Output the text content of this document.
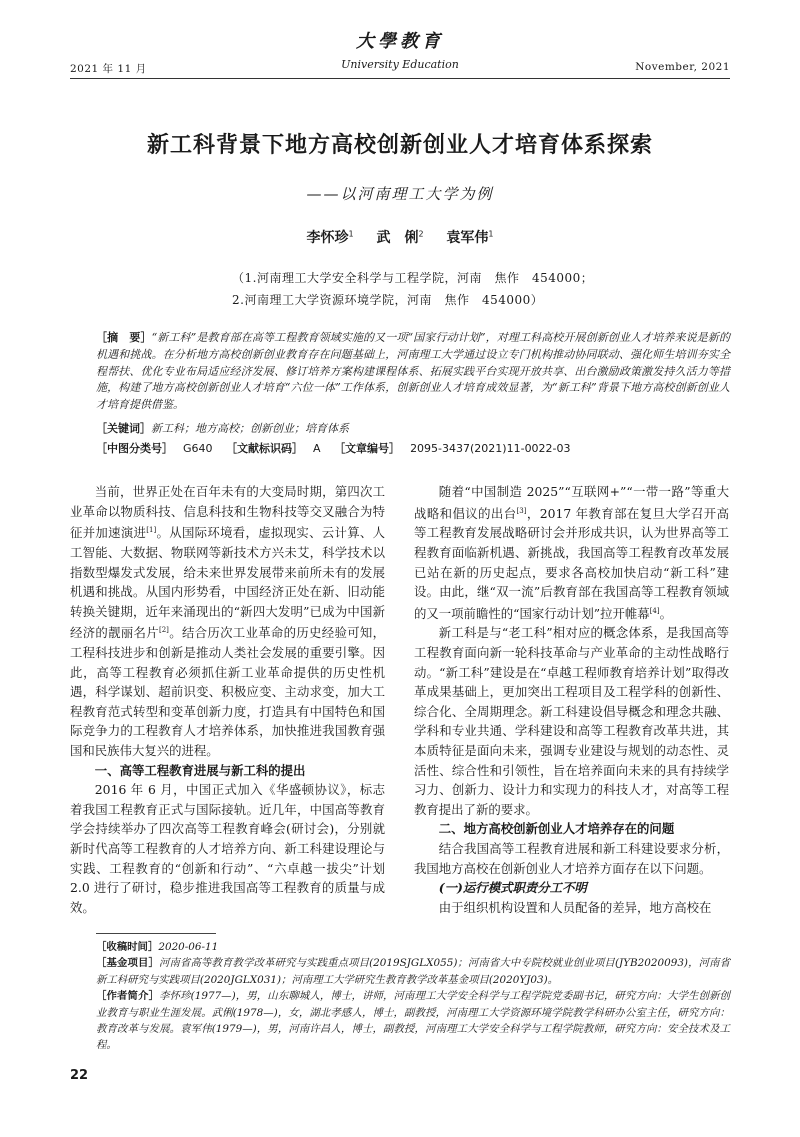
2021 年 11 月
大學教育
University Education	November, 2021
新工科背景下地方高校创新创业人才培育体系探索
——以河南理工大学为例
李怀珍$^1$ 武　俐$^2$ 袁军伟$^1$
（1.河南理工大学安全科学与工程学院，河南　焦作　454000；
2.河南理工大学资源环境学院，河南　焦作　454000）
［摘　要］“新工科”是教育部在高等工程教育领域实施的又一项“国家行动计划”，对理工科高校开展创新创业人才培养来说是新的机遇和挑战。在分析地方高校创新创业教育存在问题基础上，河南理工大学通过设立专门机构推动协同联动、强化师生培训夯实全程帮扶、优化专业布局适应经济发展、修订培养方案构建课程体系、拓展实践平台实现开放共享、出台激励政策激发持久活力等措施，构建了地方高校创新创业人才培育“六位一体”工作体系，创新创业人才培育成效显著，为“新工科”背景下地方高校创新创业人才培育提供借鉴。
［关键词］新工科；地方高校；创新创业；培育体系
［中图分类号］ G640 ［文献标识码］ A ［文章编号］ 2095-3437(2021)11-0022-03

当前，世界正处在百年未有的大变局时期，第四次工业革命以物质科技、信息科技和生物科技等交叉融合为特征并加速演进[1]。从国际环境看，虚拟现实、云计算、人工智能、大数据、物联网等新技术方兴未艾，科学技术以指数型爆发式发展，给未来世界发展带来前所未有的发展机遇和挑战。从国内形势看，中国经济正处在新、旧动能转换关键期，近年来涌现出的“新四大发明”已成为中国新经济的靓丽名片[2]。结合历次工业革命的历史经验可知，工程科技进步和创新是推动人类社会发展的重要引擎。因此，高等工程教育必须抓住新工业革命提供的历史性机遇，科学谋划、超前识变、积极应变、主动求变，加大工程教育范式转型和变革创新力度，打造具有中国特色和国际竞争力的工程教育人才培养体系，加快推进我国教育强国和民族伟大复兴的进程。

一、高等工程教育进展与新工科的提出

2016 年 6 月，中国正式加入《华盛顿协议》，标志着我国工程教育正式与国际接轨。近几年，中国高等教育学会持续举办了四次高等工程教育峰会(研讨会)，分别就新时代高等工程教育的人才培养方向、新工科建设理论与实践、工程教育的“创新和行动”、“六卓越一拔尖”计划 2.0 进行了研讨，稳步推进我国高等工程教育的质量与成效。

随着“中国制造 2025”“互联网+”“一带一路”等重大战略和倡议的出台[3]，2017 年教育部在复旦大学召开高等工程教育发展战略研讨会并形成共识，认为世界高等工程教育面临新机遇、新挑战，我国高等工程教育改革发展已站在新的历史起点，要求各高校加快启动“新工科”建设。由此，继“双一流”后教育部在我国高等工程教育领域的又一项前瞻性的“国家行动计划”拉开帷幕[4]。

新工科是与“老工科”相对应的概念体系，是我国高等工程教育面向新一轮科技革命与产业革命的主动性战略行动。“新工科”建设是在“卓越工程师教育培养计划”取得改革成果基础上，更加突出工程项目及工程学科的创新性、综合化、全周期理念。新工科建设倡导概念和理念共融、学科和专业共通、学科建设和高等工程教育改革共进，其本质特征是面向未来，强调专业建设与规划的动态性、灵活性、综合性和引领性，旨在培养面向未来的具有持续学习力、创新力、设计力和实现力的科技人才，对高等工程教育提出了新的要求。

二、地方高校创新创业人才培养存在的问题

结合我国高等工程教育进展和新工科建设要求分析，我国地方高校在创新创业人才培养方面存在以下问题。

(一)运行模式职责分工不明

由于组织机构设置和人员配备的差异，地方高校在

［收稿时间］2020-06-11

［基金项目］河南省高等教育教学改革研究与实践重点项目(2019SJGLX055)；河南省大中专院校就业创业项目(JYB2020093)，河南省新工科研究与实践项目(2020JGLX031)；河南理工大学研究生教育教学改革基金项目(2020YJ03)。

［作者简介］李怀珍(1977—)，男，山东聊城人，博士，讲师，河南理工大学安全科学与工程学院党委副书记，研究方向：大学生创新创业教育与职业生涯发展。武俐(1978—)，女，湖北孝感人，博士，副教授，河南理工大学资源环境学院教学科研办公室主任，研究方向：教育改革与发展。袁军伟(1979—)，男，河南许昌人，博士，副教授，河南理工大学安全科学与工程学院教师，研究方向：安全技术及工程。

22
